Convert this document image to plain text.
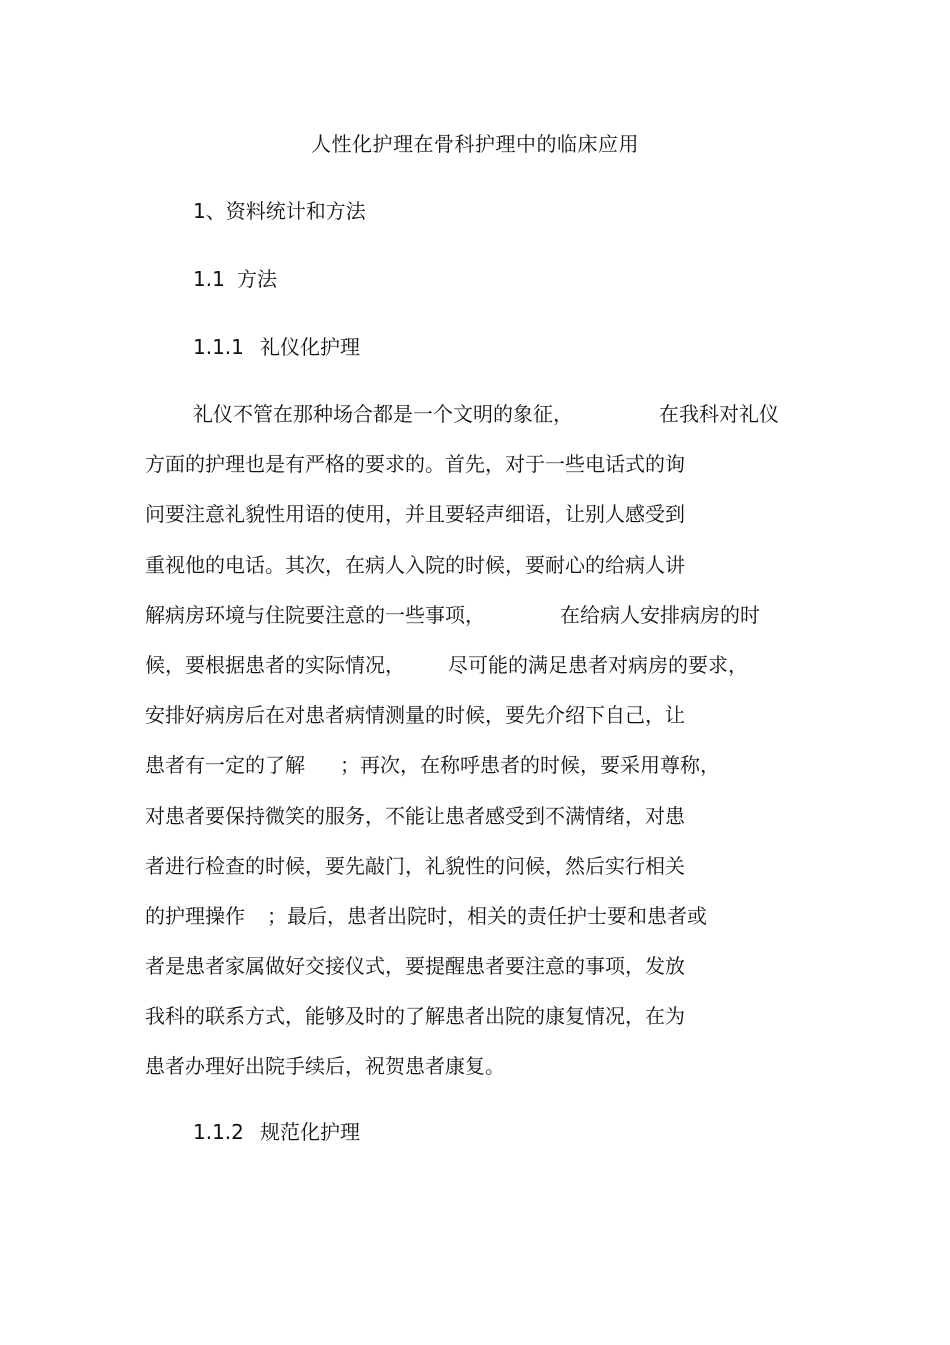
人性化护理在骨科护理中的临床应用
1、资料统计和方法
1.1 方法
1.1.1 礼仪化护理

礼仪不管在那种场合都是一个文明的象征，

	在我科对礼仪

方面的护理也是有严格的要求的。首先，对于一些电话式的询

问要注意礼貌性用语的使用，并且要轻声细语，让别人感受到

重视他的电话。其次，在病人入院的时候，要耐心的给病人讲

解病房环境与住院要注意的一些事项，

	在给病人安排病房的时

候，要根据患者的实际情况，

尽可能的满足患者对病房的要求，

安排好病房后在对患者病情测量的时候，要先介绍下自己，让

患者有一定的了解

；再次，在称呼患者的时候，要采用尊称，

对患者要保持微笑的服务，不能让患者感受到不满情绪，对患

者进行检查的时候，要先敲门，礼貌性的问候，然后实行相关

的护理操作

；最后，患者出院时，相关的责任护士要和患者或

者是患者家属做好交接仪式，要提醒患者要注意的事项，发放

我科的联系方式，能够及时的了解患者出院的康复情况，在为

患者办理好出院手续后，祝贺患者康复。

1.1.2 规范化护理
